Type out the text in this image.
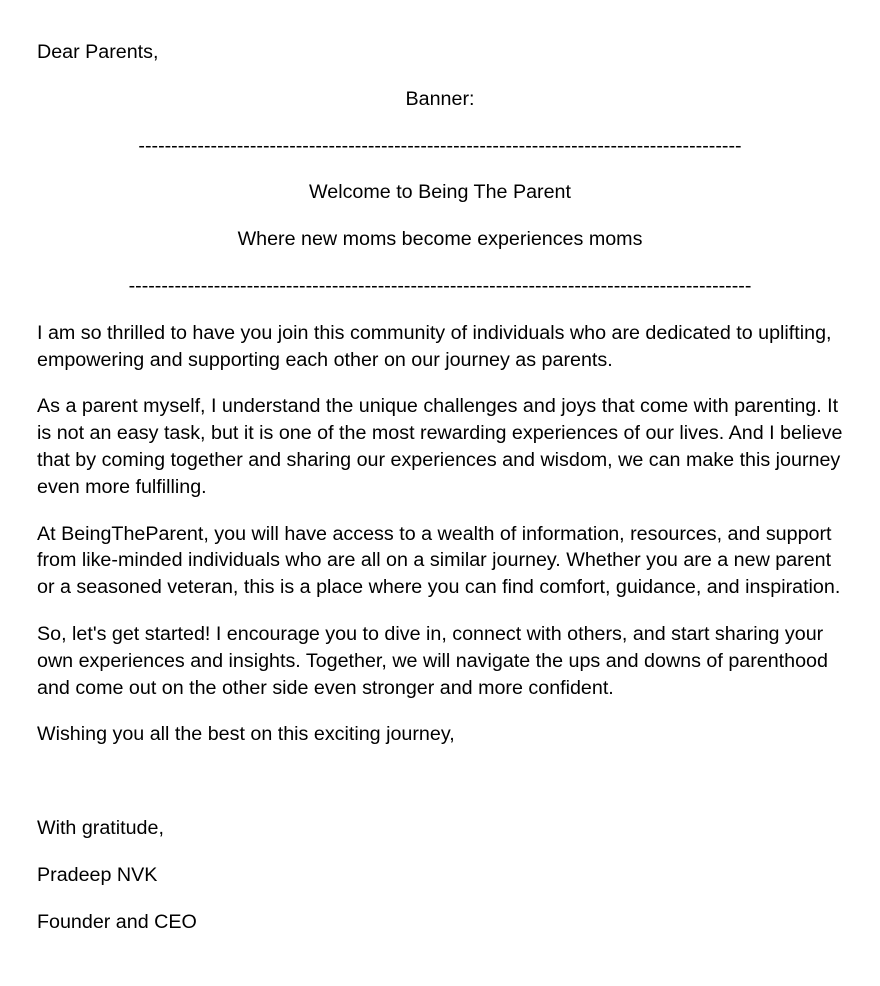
Dear Parents,

Banner:

--------------------------------------------------------------------------------------------

Welcome to Being The Parent

Where new moms become experiences moms

-----------------------------------------------------------------------------------------------

I am so thrilled to have you join this community of individuals who are dedicated to uplifting, empowering and supporting each other on our journey as parents.

As a parent myself, I understand the unique challenges and joys that come with parenting. It is not an easy task, but it is one of the most rewarding experiences of our lives. And I believe that by coming together and sharing our experiences and wisdom, we can make this journey even more fulfilling.

At BeingTheParent, you will have access to a wealth of information, resources, and support from like-minded individuals who are all on a similar journey. Whether you are a new parent or a seasoned veteran, this is a place where you can find comfort, guidance, and inspiration.

So, let's get started! I encourage you to dive in, connect with others, and start sharing your own experiences and insights. Together, we will navigate the ups and downs of parenthood and come out on the other side even stronger and more confident.

Wishing you all the best on this exciting journey,

With gratitude,

Pradeep NVK

Founder and CEO
